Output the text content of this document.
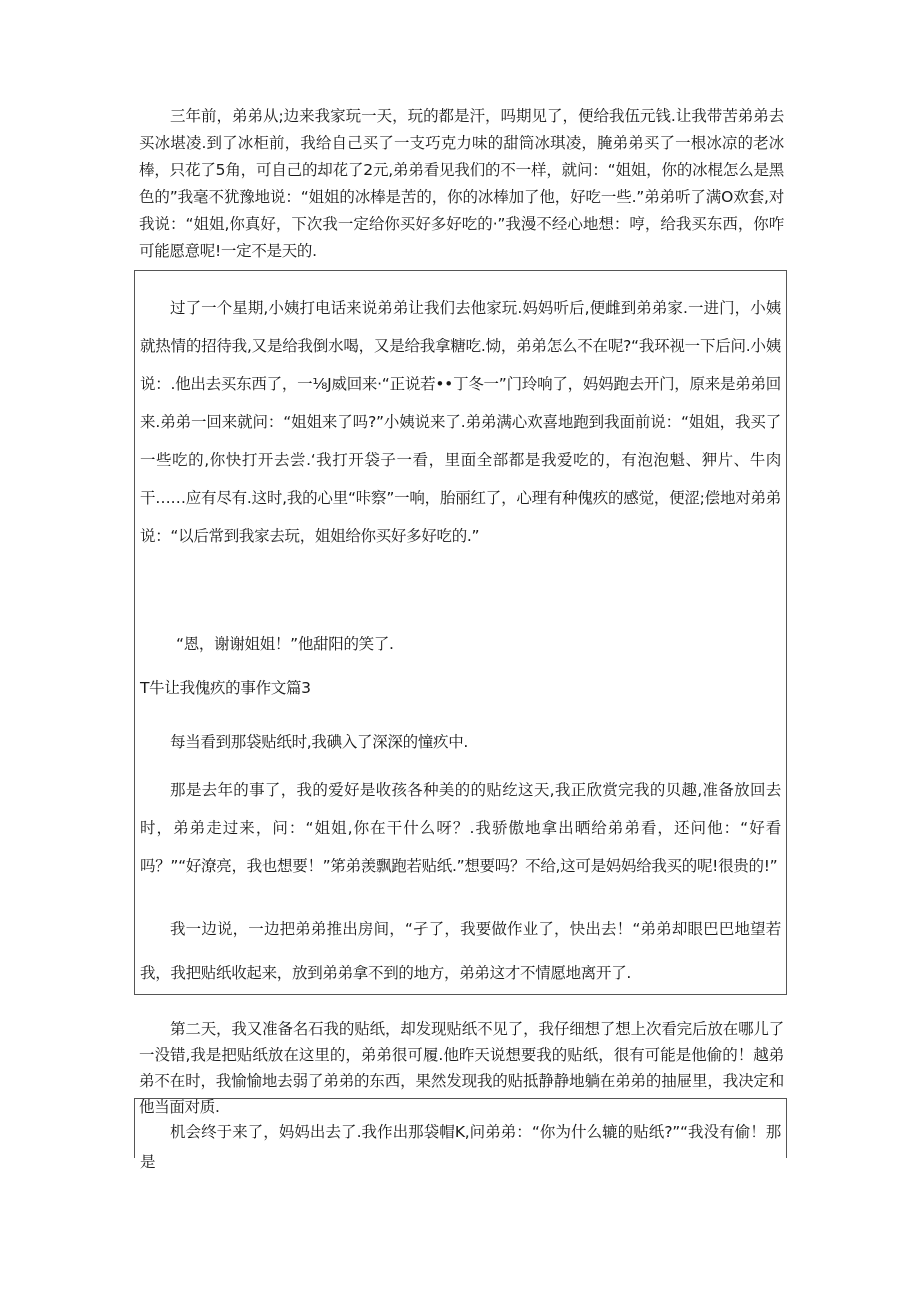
三年前，弟弟从;边来我家玩一天，玩的都是汗，吗期见了，便给我伍元钱.让我带苦弟弟去买冰堪凌.到了冰柜前，我给自己买了一支巧克力味的甜筒冰琪凌，腌弟弟买了一根冰凉的老冰棒，只花了5角，可自己的却花了2元,弟弟看见我们的不一样，就问：“姐姐，你的冰棍怎么是黑色的”我毫不犹豫地说：“姐姐的冰棒是苦的，你的冰棒加了他，好吃一些.”弟弟听了满O欢套,对我说：“姐姐,你真好，下次我一定给你买好多好吃的·”我漫不经心地想：哼，给我买东西，你咋可能愿意呢!一定不是天的.

过了一个星期,小姨打电话来说弟弟让我们去他家玩.妈妈听后,便雌到弟弟家.一进门，小姨就热情的招待我,又是给我倒水喝，又是给我拿糖吃.恸，弟弟怎么不在呢?“我环视一下后问.小姨说：.他出去买东西了，一⅛J威回来·“正说若••丁冬一”门玲响了，妈妈跑去开门，原来是弟弟回来.弟弟一回来就问：“姐姐来了吗?”小姨说来了.弟弟满心欢喜地跑到我面前说：“姐姐，我买了一些吃的,你快打开去尝.‘我打开袋子一看，里面全部都是我爱吃的，有泡泡魁、狎片、牛肉干……应有尽有.这时,我的心里“咔察”一响，胎丽红了，心理有种傀疚的感觉，便涩;偿地对弟弟说：“以后常到我家去玩，姐姐给你买好多好吃的.”

“恩，谢谢姐姐！”他甜阳的笑了.

T牛让我傀疚的事作文篇3

每当看到那袋贴纸时,我碘入了深深的憧疚中.

那是去年的事了，我的爱好是收孩各种美的的贴纥这天,我正欣赏完我的贝趣,准备放回去时，弟弟走过来，问：“姐姐,你在干什么呀？.我骄傲地拿出晒给弟弟看，还问他：“好看吗？”“好潦亮，我也想要！”笫弟羡飘跑若贴纸.”想要吗？不给,这可是妈妈给我买的呢!很贵的!”

我一边说，一边把弟弟推出房间，“孑了，我要做作业了，快出去！“弟弟却眼巴巴地望若我，我把贴纸收起来，放到弟弟拿不到的地方，弟弟这才不情愿地离开了.

第二天，我又准备名石我的贴纸，却发现贴纸不见了，我仔细想了想上次看完后放在哪儿了一没错,我是把贴纸放在这里的，弟弟很可履.他昨天说想要我的贴纸，很有可能是他偷的！越弟弟不在时，我愉愉地去弱了弟弟的东西，果然发现我的贴抵静静地躺在弟弟的抽屉里，我决定和他当面对质.

机会终于来了，妈妈出去了.我作出那袋帽K,问弟弟：“你为什么辘的贴纸?”“我没有偷！那是
